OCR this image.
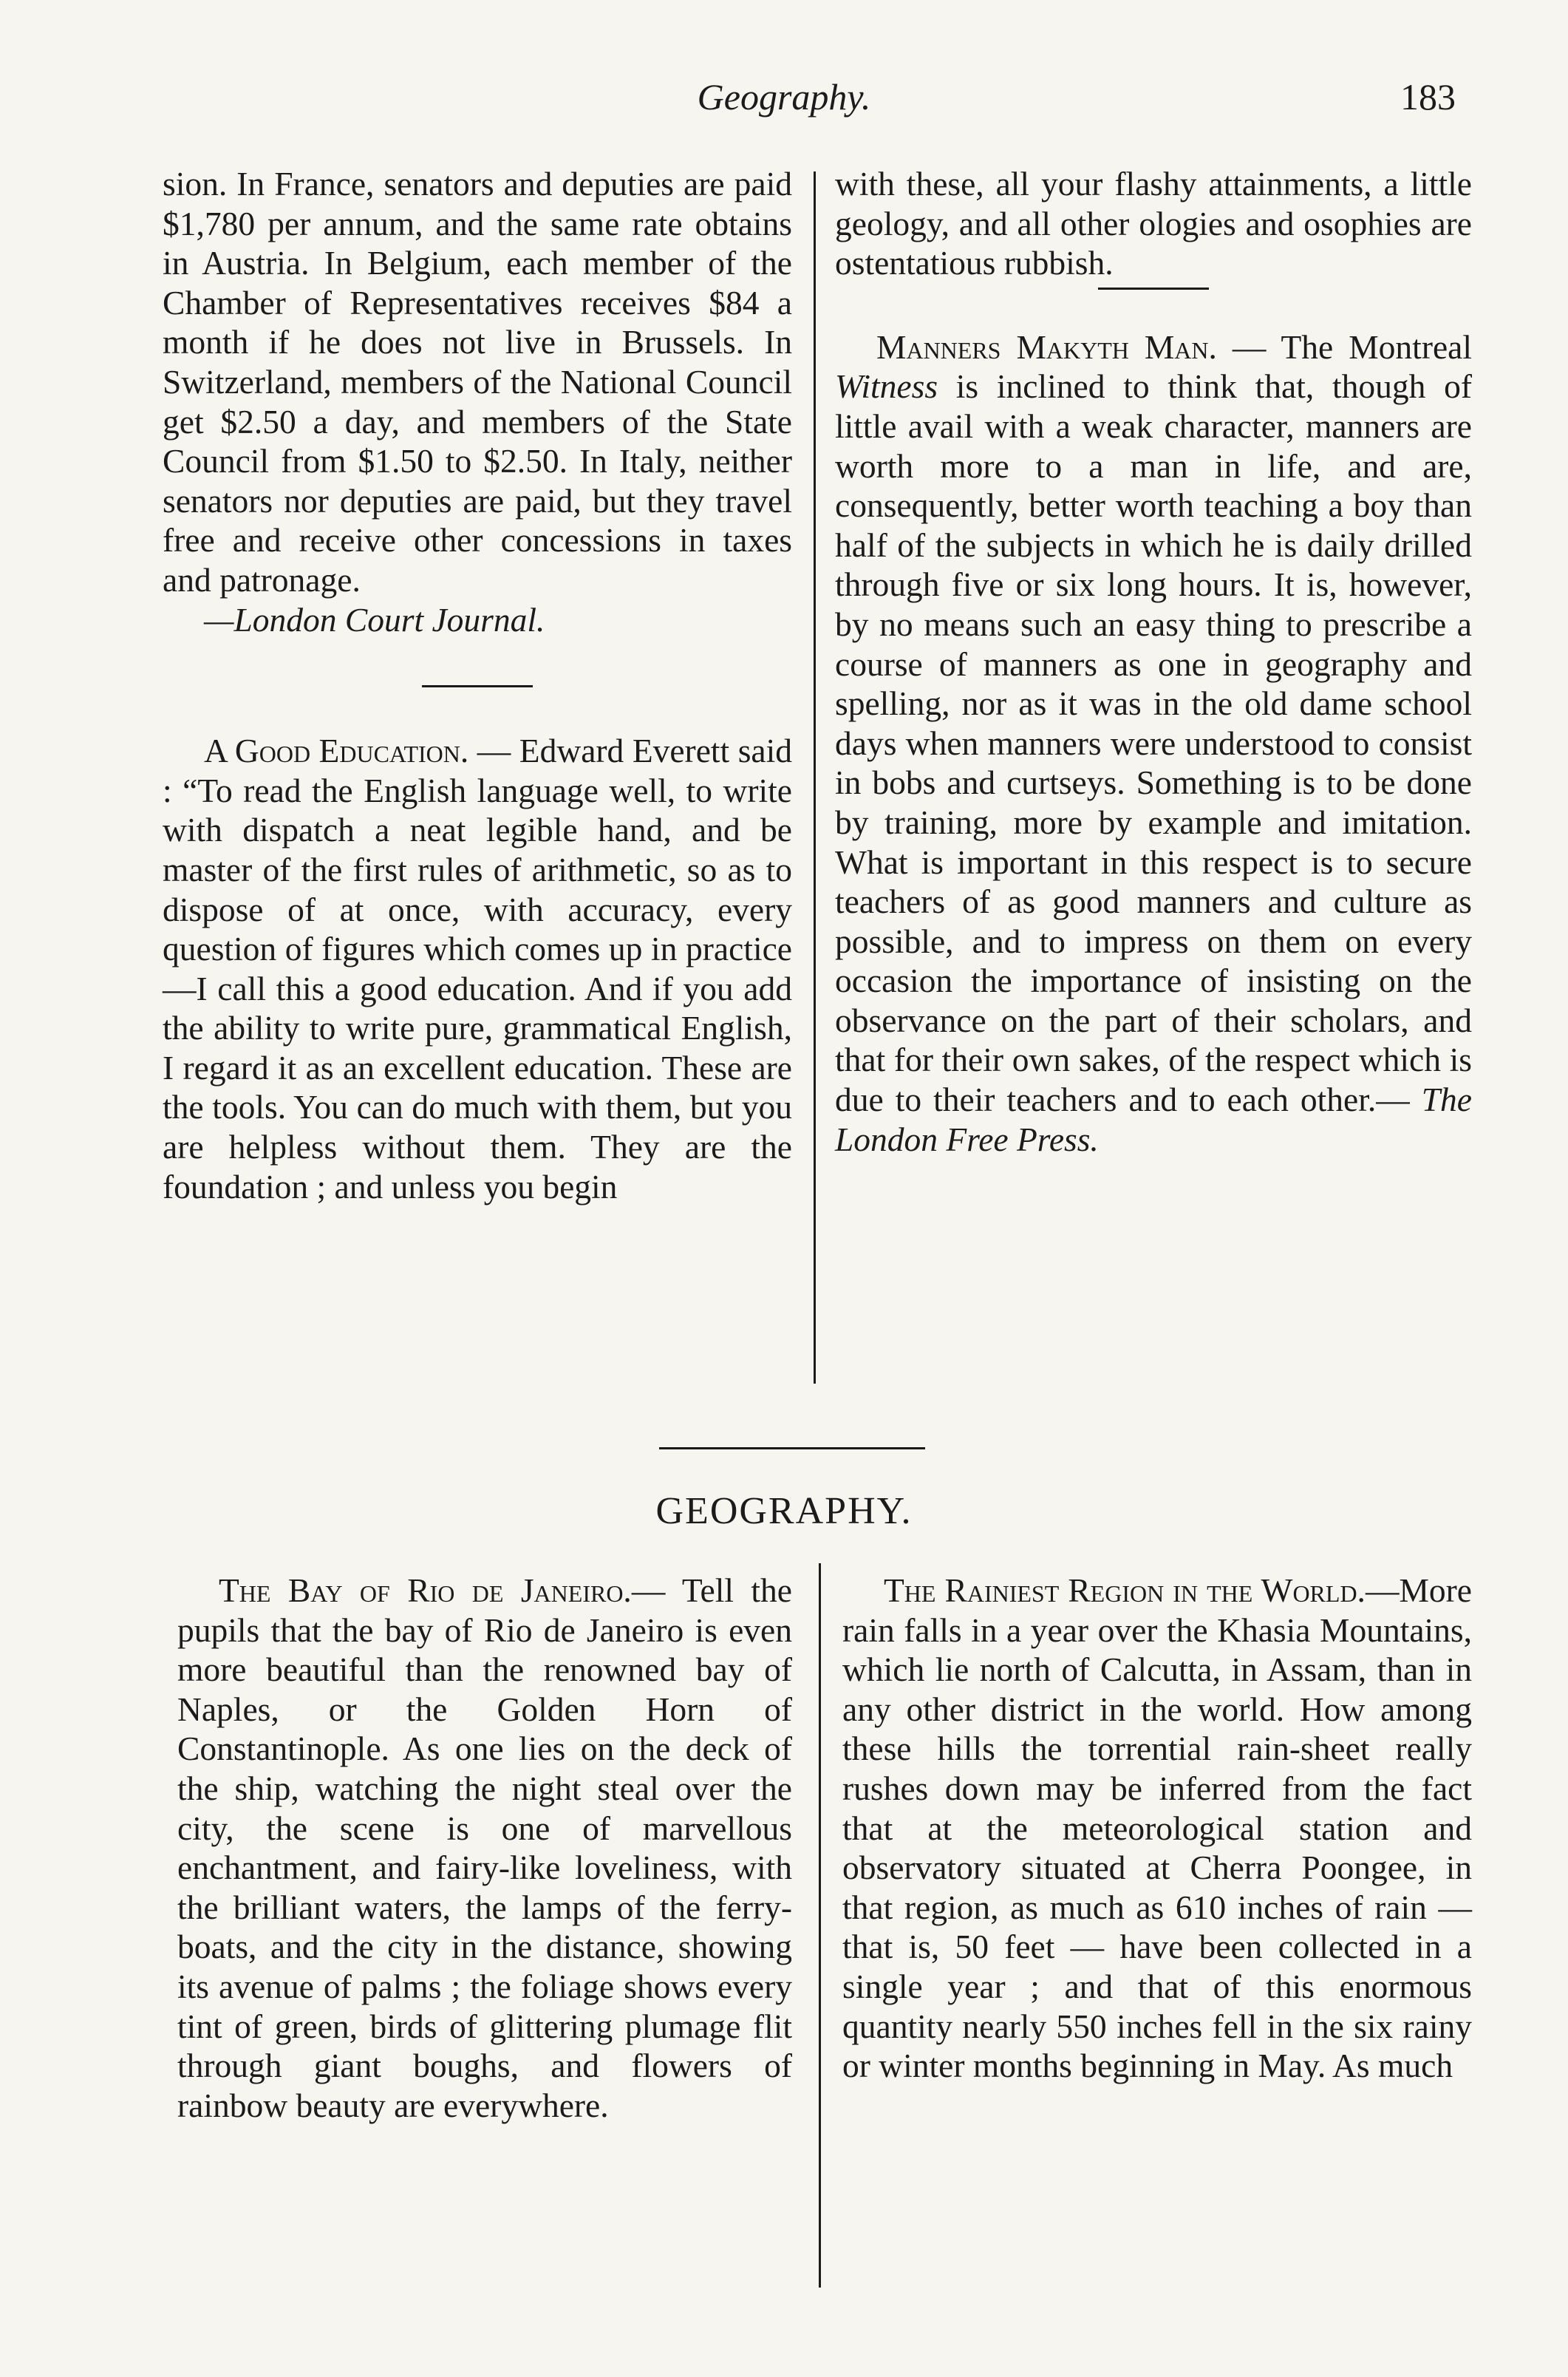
Geography.	183

sion. In France, senators and deputies are paid $1,780 per annum, and the same rate obtains in Austria. In Belgium, each member of the Chamber of Representatives receives $84 a month if he does not live in Brussels. In Switzerland, members of the National Council get $2.50 a day, and members of the State Council from $1.50 to $2.50. In Italy, neither senators nor deputies are paid, but they travel free and receive other concessions in taxes and patronage.
—London Court Journal.

A Good Education. — Edward Everett said : “To read the English language well, to write with dispatch a neat legible hand, and be master of the first rules of arithmetic, so as to dispose of at once, with accuracy, every question of figures which comes up in practice—I call this a good education. And if you add the ability to write pure, grammatical English, I regard it as an excellent education. These are the tools. You can do much with them, but you are helpless without them. They are the foundation ; and unless you begin

with these, all your flashy attainments, a little geology, and all other ologies and osophies are ostentatious rubbish.

Manners Makyth Man. — The Montreal Witness is inclined to think that, though of little avail with a weak character, manners are worth more to a man in life, and are, consequently, better worth teaching a boy than half of the subjects in which he is daily drilled through five or six long hours. It is, however, by no means such an easy thing to prescribe a course of manners as one in geography and spelling, nor as it was in the old dame school days when manners were understood to consist in bobs and curtseys. Something is to be done by training, more by example and imitation. What is important in this respect is to secure teachers of as good manners and culture as possible, and to impress on them on every occasion the importance of insisting on the observance on the part of their scholars, and that for their own sakes, of the respect which is due to their teachers and to each other.— The London Free Press.

GEOGRAPHY.

The Bay of Rio de Janeiro.— Tell the pupils that the bay of Rio de Janeiro is even more beautiful than the renowned bay of Naples, or the Golden Horn of Constantinople. As one lies on the deck of the ship, watching the night steal over the city, the scene is one of marvellous enchantment, and fairy-like loveliness, with the brilliant waters, the lamps of the ferry-boats, and the city in the distance, showing its avenue of palms ; the foliage shows every tint of green, birds of glittering plumage flit through giant boughs, and flowers of rainbow beauty are everywhere.

The Rainiest Region in the World.—More rain falls in a year over the Khasia Mountains, which lie north of Calcutta, in Assam, than in any other district in the world. How among these hills the torrential rain-sheet really rushes down may be inferred from the fact that at the meteorological station and observatory situated at Cherra Poongee, in that region, as much as 610 inches of rain —that is, 50 feet — have been collected in a single year ; and that of this enormous quantity nearly 550 inches fell in the six rainy or winter months beginning in May. As much
